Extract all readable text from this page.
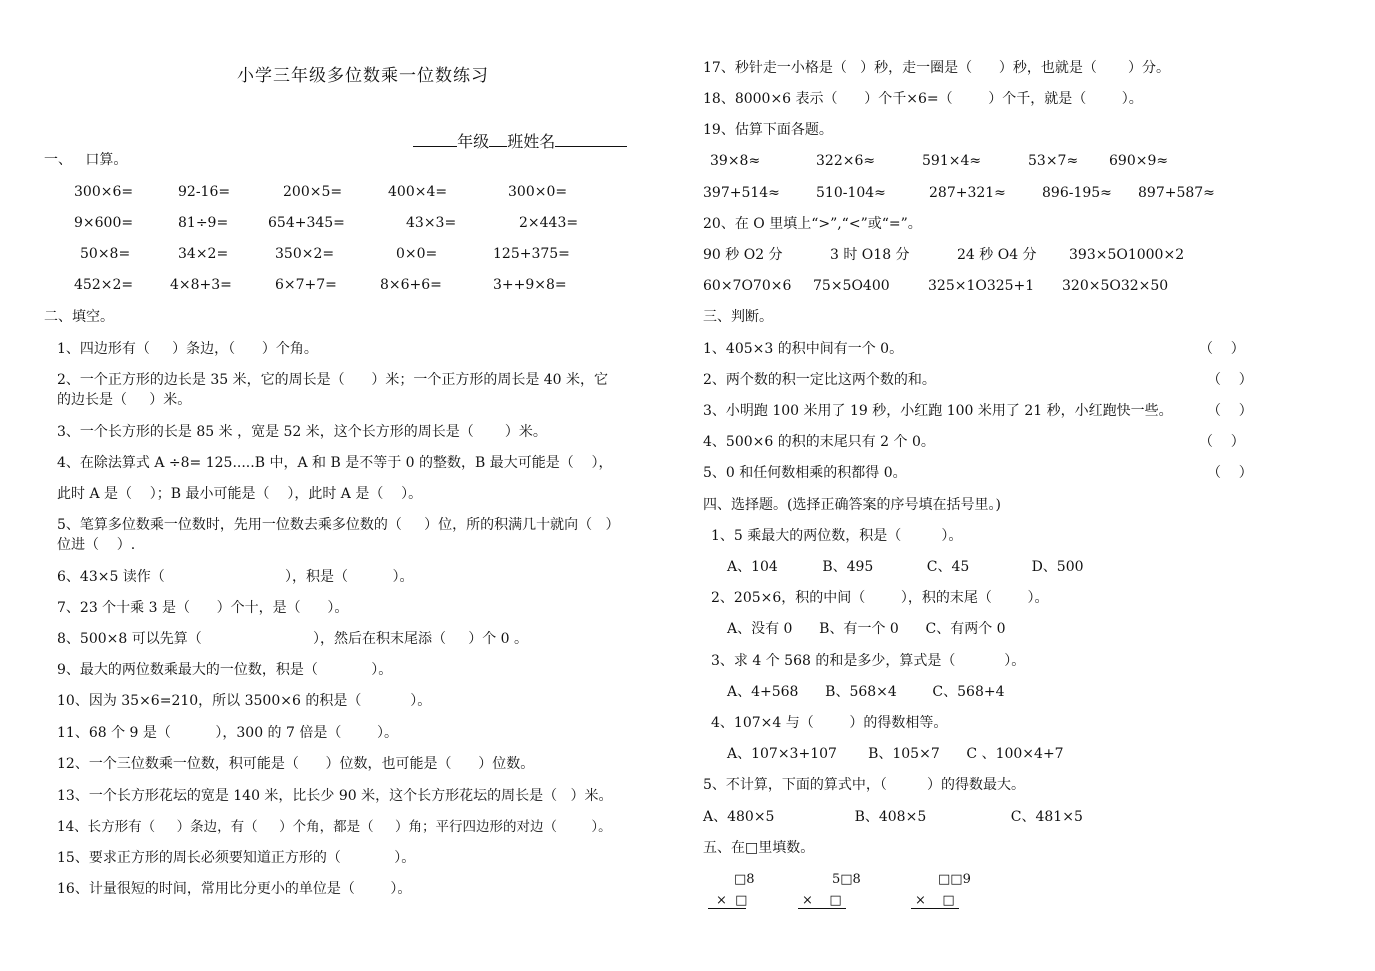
小学三年级多位数乘一位数练习

年级 班姓名

一、   口算。
300×6=	92-16=	200×5=	400×4=	300×0=
9×600=	81÷9=	654+345=	43×3=	2×443=
50×8=	34×2=	350×2=	0×0=	125+375=
452×2=	4×8+3=	6×7+7=	8×6+6=	3++9×8=
二、填空。
1、四边形有（     ）条边，（      ）个角。
2、一个正方形的边长是 35 米，它的周长是（      ）米；一个正方形的周长是 40 米，它
的边长是（     ）米。
3、一个长方形的长是 85 米 ，宽是 52 米，这个长方形的周长是（       ）米。
4、在除法算式 A ÷8= 125.....B 中，A 和 B 是不等于 0 的整数，B 最大可能是（    ），
此时 A 是（    ）；B 最小可能是（    ），此时 A 是（    ）。
5、笔算多位数乘一位数时，先用一位数去乘多位数的（     ）位，所的积满几十就向（   ）
位进（    ）.
6、43×5 读作（                           ），积是（          ）。
7、23 个十乘 3 是（      ）个十，是（      ）。
8、500×8 可以先算（                         ），然后在积末尾添（     ）个 0 。
9、最大的两位数乘最大的一位数，积是（            ）。
10、因为 35×6=210，所以 3500×6 的积是（           ）。
11、68 个 9 是（          ），300 的 7 倍是（        ）。
12、一个三位数乘一位数，积可能是（      ）位数，也可能是（      ）位数。
13、一个长方形花坛的宽是 140 米，比长少 90 米，这个长方形花坛的周长是（   ）米。
14、长方形有（     ）条边，有（     ）个角，都是（     ）角；平行四边形的对边（        ）。
15、要求正方形的周长必须要知道正方形的（            ）。
16、计量很短的时间，常用比分更小的单位是（        ）。
17、秒针走一小格是（   ）秒，走一圈是（      ）秒，也就是（       ）分。
18、8000×6 表示（      ）个千×6=（        ）个千，就是（        ）。
19、估算下面各题。
39×8≈	322×6≈	591×4≈	53×7≈ 690×9≈
397+514≈	510-104≈	287+321≈	896-195≈ 897+587≈
20、在 O 里填上“>”,“<”或“=”。
90 秒 O2 分	3 时 O18 分	24 秒 O4 分 393×5O1000×2
60×7O70×6 75×5O400	325×1O325+1 320×5O32×50
三、判断。
1、405×3 的积中间有一个 0。	（    ）
2、两个数的积一定比这两个数的和。	（    ）
3、小明跑 100 米用了 19 秒，小红跑 100 米用了 21 秒，小红跑快一些。 （    ）
4、500×6 的积的末尾只有 2 个 0。	（    ）
5、0 和任何数相乘的积都得 0。	（    ）
四、选择题。(选择正确答案的序号填在括号里。)
1、5 乘最大的两位数，积是（         ）。
A、104          B、495            C、45              D、500
2、205×6，积的中间（        ），积的末尾（        ）。
A、没有 0      B、有一个 0      C、有两个 0
3、求 4 个 568 的和是多少，算式是（           ）。
A、4+568      B、568×4        C、568+4
4、107×4 与（        ）的得数相等。
A、107×3+107       B、105×7      C 、100×4+7
5、不计算，下面的算式中，（         ）的得数最大。
A、480×5                  B、408×5                   C、481×5
五、在□里填数。
□8
×  □
5□8
×    □
□□9
×    □
